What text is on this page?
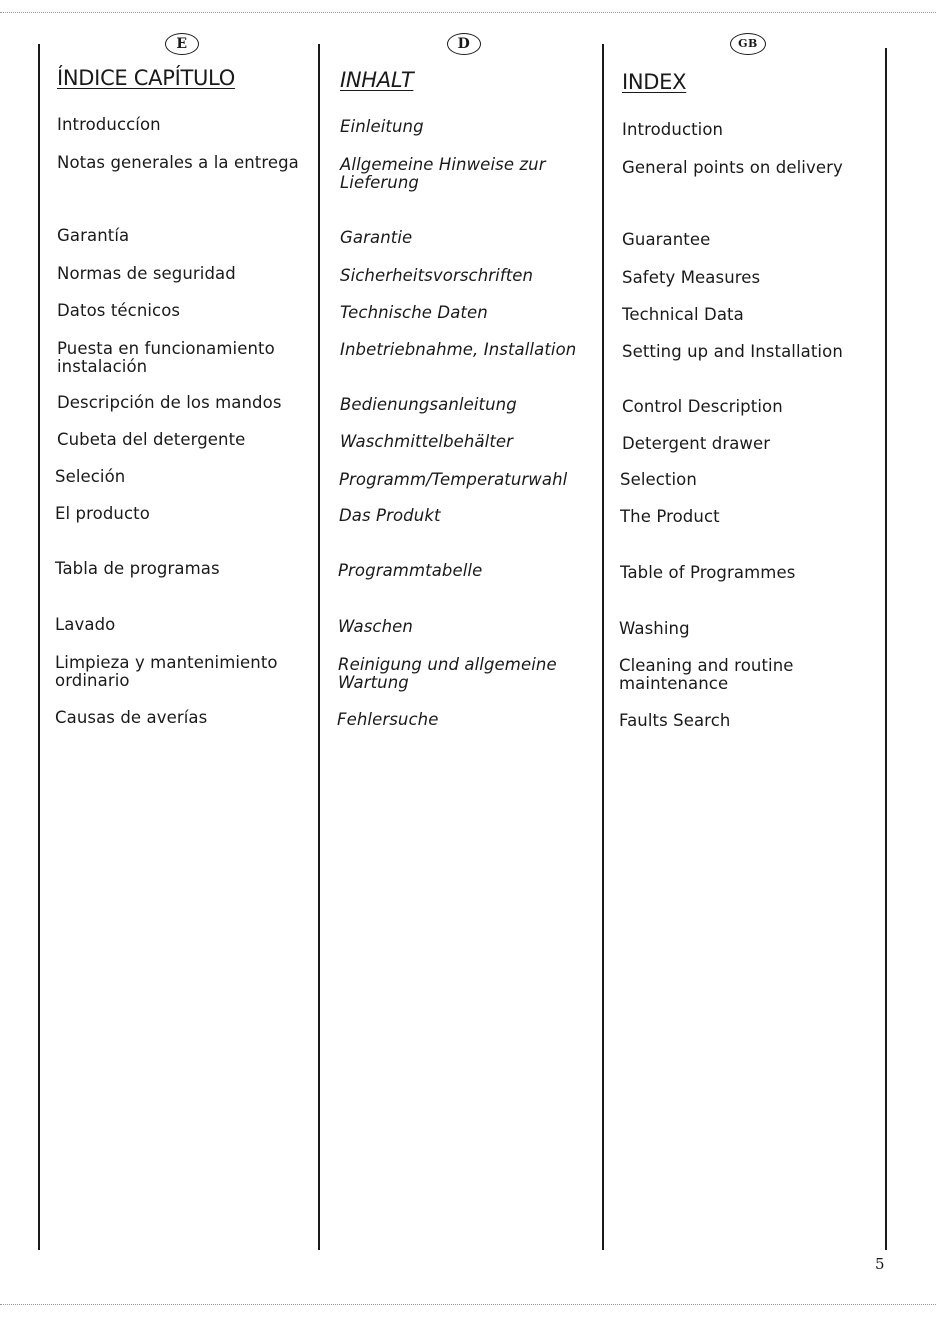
E
ÍNDICE CAPÍTULO
Introduccíon
Notas generales a la entrega
Garantía
Normas de seguridad
Datos técnicos
Puesta en funcionamiento
instalación
Descripción de los mandos
Cubeta del detergente
Seleción
El producto
Tabla de programas
Lavado
Limpieza y mantenimiento
ordinario
Causas de averías
D
INHALT
Einleitung
Allgemeine Hinweise zur
Lieferung
Garantie
Sicherheitsvorschriften
Technische Daten
Inbetriebnahme, Installation
Bedienungsanleitung
Waschmittelbehälter
Programm/Temperaturwahl
Das Produkt
Programmtabelle
Waschen
Reinigung und allgemeine
Wartung
Fehlersuche
GB
INDEX
Introduction
General points on delivery
Guarantee
Safety Measures
Technical Data
Setting up and Installation
Control Description
Detergent drawer
Selection
The Product
Table of Programmes
Washing
Cleaning and routine
maintenance
Faults Search
5
